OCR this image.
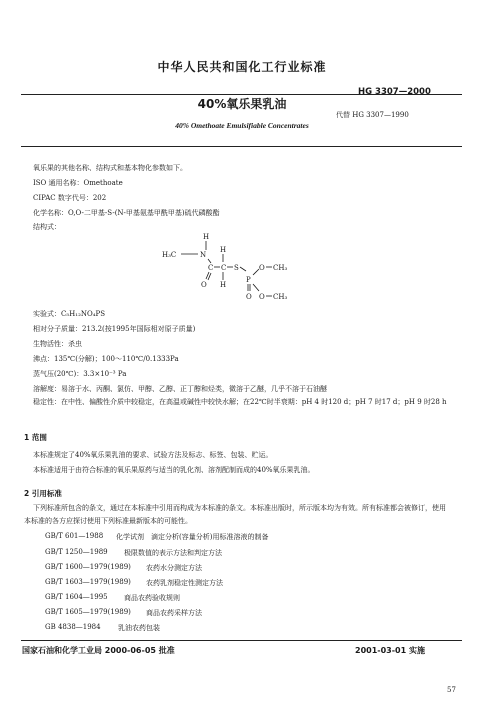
中华人民共和国化工行业标准
HG 3307—2000
40%氧乐果乳油
代替 HG 3307—1990
40% Omethoate Emulsifiable Concentrates
氧乐果的其他名称、结构式和基本物化参数如下。
ISO 通用名称：Omethoate
CIPAC 数字代号：202
化学名称：O,O-二甲基-S-(N-甲基氨基甲酰甲基)硫代磷酸酯
结构式：
H
H₃C	N
H
C C S
P
O CH₃
O H
O O CH₃
实验式：C₅H₁₂NO₄PS
相对分子质量：213.2(按1995年国际相对原子质量)
生物活性：杀虫
沸点：135℃(分解)；100～110℃/0.1333Pa
蒸气压(20℃)：3.3×10⁻³ Pa
溶解度：易溶于水、丙酮、氯仿、甲醇、乙醇、正丁醇和烃类，微溶于乙醚，几乎不溶于石油醚
稳定性：在中性、偏酸性介质中较稳定，在高温或碱性中较快水解；在22℃时半衰期：pH 4 时120 d；pH 7 时17 d；pH 9 时28 h
1 范围
本标准规定了40%氧乐果乳油的要求、试验方法及标志、标签、包装、贮运。
本标准适用于由符合标准的氧乐果原药与适当的乳化剂、溶剂配制而成的40%氧乐果乳油。
2 引用标准
下列标准所包含的条文，通过在本标准中引用而构成为本标准的条文。本标准出版时，所示版本均为有效。所有标准都会被修订，使用本标准的各方应探讨使用下列标准最新版本的可能性。
GB/T 601—1988 化学试剂　滴定分析(容量分析)用标准溶液的制备
GB/T 1250—1989 极限数值的表示方法和判定方法
GB/T 1600—1979(1989) 农药水分测定方法
GB/T 1603—1979(1989) 农药乳剂稳定性测定方法
GB/T 1604—1995 商品农药验收规则
GB/T 1605—1979(1989) 商品农药采样方法
GB 4838—1984 乳油农药包装
国家石油和化学工业局 2000-06-05 批准	2001-03-01 实施
57
